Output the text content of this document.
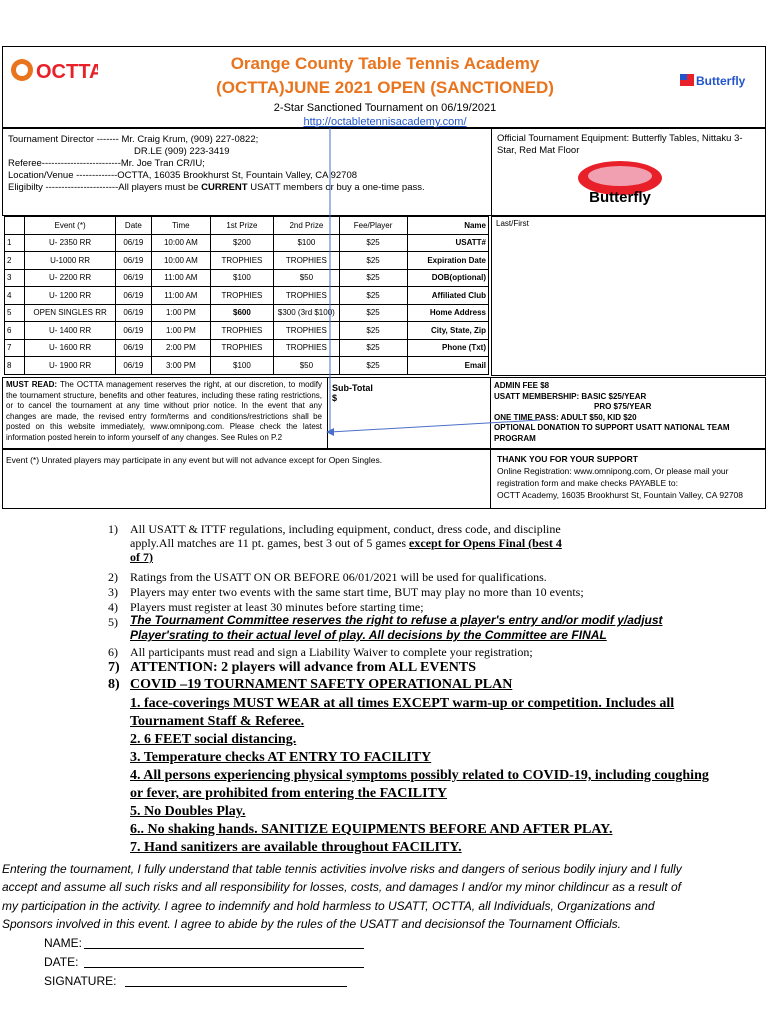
OCTTA	Orange County Table Tennis Academy
(OCTTA)JUNE 2021 OPEN (SANCTIONED)
2-Star Sanctioned Tournament on 06/19/2021
http://octabletennisacademy.com/
Butterfly
Tournament Director ------- Mr. Craig Krum, (909) 227-0822;
DR.LE (909) 223-3419
Referee-------------------------Mr. Joe Tran CR/IU;
Location/Venue -------------OCTTA, 16035 Brookhurst St, Fountain Valley, CA 92708
Eligibilty -----------------------All players must be CURRENT USATT members or buy a one-time pass.
Official Tournament Equipment: Butterfly Tables, Nittaku 3-Star, Red Mat Floor
Butterfly
	Event (*)	Date	Time	1st Prize	2nd Prize	Fee/Player	Name
1	U- 2350 RR	06/19	10:00 AM	$200	$100	$25	USATT#
2	U-1000 RR	06/19	10:00 AM	TROPHIES	TROPHIES	$25	Expiration Date
3	U- 2200 RR	06/19	11:00 AM	$100	$50	$25	DOB(optional)
4	U- 1200 RR	06/19	11:00 AM	TROPHIES	TROPHIES	$25	Affiliated Club
5	OPEN SINGLES RR	06/19	1:00 PM	$600	$300 (3rd $100)	$25	Home Address
6	U- 1400 RR	06/19	1:00 PM	TROPHIES	TROPHIES	$25	City, State, Zip
7	U- 1600 RR	06/19	2:00 PM	TROPHIES	TROPHIES	$25	Phone (Txt)
8	U- 1900 RR	06/19	3:00 PM	$100	$50	$25	Email
Last/First
MUST READ: The OCTTA management reserves the right, at our discretion, to modify the tournament structure, benefits and other features, including these rating restrictions, or to cancel the tournament at any time without prior notice. In the event that any changes are made, the revised entry form/terms and conditions/restrictions shall be posted on this website immediately, www.omnipong.com. Please check the latest information posted herein to inform yourself of any changes. See Rules on P.2
Sub-Total
$
ADMIN FEE $8
USATT MEMBERSHIP: BASIC $25/YEAR
PRO $75/YEAR
ONE TIME PASS: ADULT $50, KID $20
OPTIONAL DONATION TO SUPPORT USATT NATIONAL TEAM PROGRAM
Event (*) Unrated players may participate in any event but will not advance except for Open Singles.	THANK YOU FOR YOUR SUPPORT
Online Registration: www.omnipong.com, Or please mail your
registration form and make checks PAYABLE to:
OCTT Academy, 16035 Brookhurst St, Fountain Valley, CA 92708
1) All USATT & ITTF regulations, including equipment, conduct, dress code, and discipline
apply.All matches are 11 pt. games, best 3 out of 5 games except for Opens Final (best 4
of 7)
2) Ratings from the USATT ON OR BEFORE 06/01/2021 will be used for qualifications.
3) Players may enter two events with the same start time, BUT may play no more than 10 events;
4) Players must register at least 30 minutes before starting time;
5) The Tournament Committee reserves the right to refuse a player's entry and/or modif y/adjust
Player'srating to their actual level of play. All decisions by the Committee are FINAL
6) All participants must read and sign a Liability Waiver to complete your registration;
7) ATTENTION: 2 players will advance from ALL EVENTS
8) COVID –19 TOURNAMENT SAFETY OPERATIONAL PLAN
1. face-coverings MUST WEAR at all times EXCEPT warm-up or competition. Includes all
Tournament Staff & Referee.
2. 6 FEET social distancing.
3. Temperature checks AT ENTRY TO FACILITY
4. All persons experiencing physical symptoms possibly related to COVID-19, including coughing
or fever, are prohibited from entering the FACILITY
5. No Doubles Play.
6.. No shaking hands. SANITIZE EQUIPMENTS BEFORE AND AFTER PLAY.
7. Hand sanitizers are available throughout FACILITY.
Entering the tournament, I fully understand that table tennis activities involve risks and dangers of serious bodily injury and I fully
accept and assume all such risks and all responsibility for losses, costs, and damages I and/or my minor childincur as a result of
my participation in the activity. I agree to indemnify and hold harmless to USATT, OCTTA, all Individuals, Organizations and
Sponsors involved in this event. I agree to abide by the rules of the USATT and decisionsof the Tournament Officials.
NAME:
DATE:
SIGNATURE:
